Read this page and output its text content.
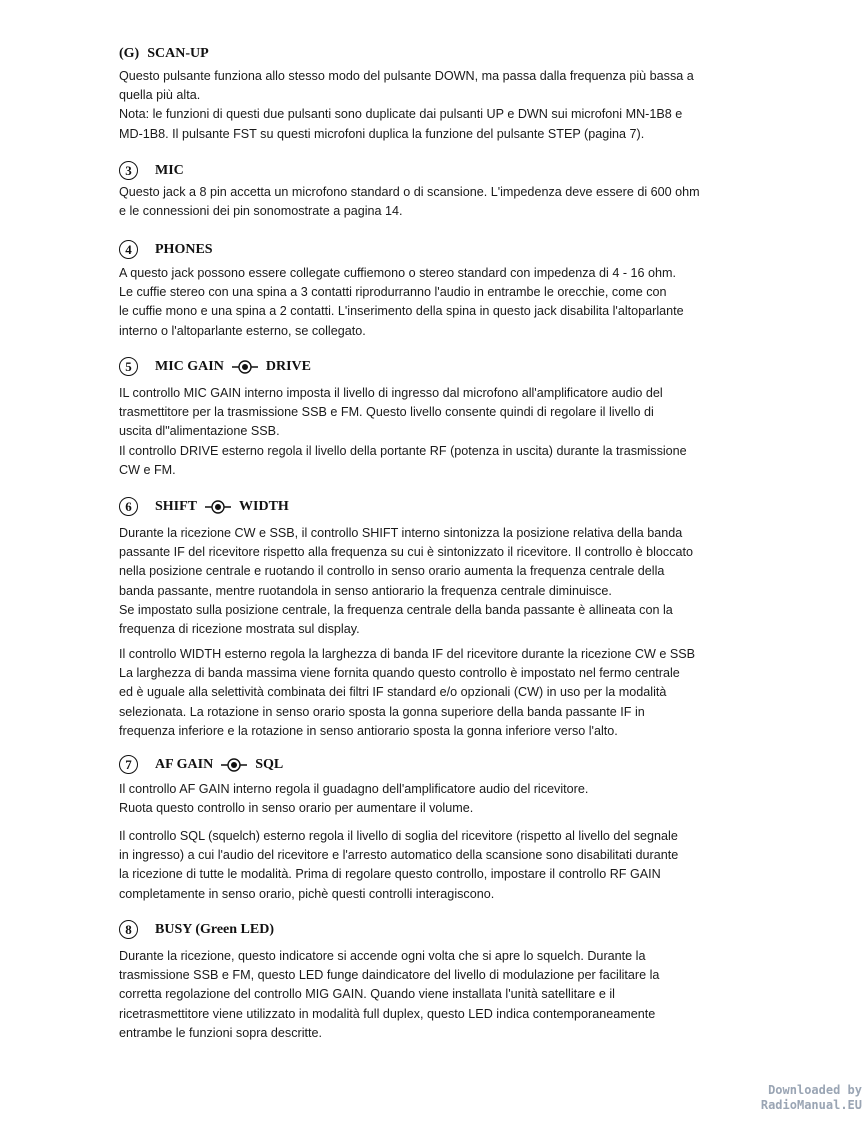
(G) SCAN-UP
Questo pulsante funziona allo stesso modo del pulsante DOWN, ma passa dalla frequenza più bassa a
quella più alta.
Nota: le funzioni di questi due pulsanti sono duplicate dai pulsanti UP e DWN sui microfoni MN-1B8 e
MD-1B8. Il pulsante FST su questi microfoni duplica la funzione del pulsante STEP (pagina 7).
3	MIC
Questo jack a 8 pin accetta un microfono standard o di scansione. L'impedenza deve essere di 600 ohm
e le connessioni dei pin sonomostrate a pagina 14.
4	PHONES
A questo jack possono essere collegate cuffiemono o stereo standard con impedenza di 4 - 16 ohm.
Le cuffie stereo con una spina a 3 contatti riprodurranno l'audio in entrambe le orecchie, come con
le cuffie mono e una spina a 2 contatti. L'inserimento della spina in questo jack disabilita l'altoparlante
interno o l'altoparlante esterno, se collegato.
5	MIC GAIN	DRIVE
IL controllo MIC GAIN interno imposta il livello di ingresso dal microfono all'amplificatore audio del
trasmettitore per la trasmissione SSB e FM. Questo livello consente quindi di regolare il livello di
uscita dl"alimentazione SSB.
Il controllo DRIVE esterno regola il livello della portante RF (potenza in uscita) durante la trasmissione
CW e FM.
6	SHIFT	WIDTH
Durante la ricezione CW e SSB, il controllo SHIFT interno sintonizza la posizione relativa della banda
passante IF del ricevitore rispetto alla frequenza su cui è sintonizzato il ricevitore. Il controllo è bloccato
nella posizione centrale e ruotando il controllo in senso orario aumenta la frequenza centrale della
banda passante, mentre ruotandola in senso antiorario la frequenza centrale diminuisce.
Se impostato sulla posizione centrale, la frequenza centrale della banda passante è allineata con la
frequenza di ricezione mostrata sul display.
Il controllo WIDTH esterno regola la larghezza di banda IF del ricevitore durante la ricezione CW e SSB
La larghezza di banda massima viene fornita quando questo controllo è impostato nel fermo centrale
ed è uguale alla selettività combinata dei filtri IF standard e/o opzionali (CW) in uso per la modalità
selezionata. La rotazione in senso orario sposta la gonna superiore della banda passante IF in
frequenza inferiore e la rotazione in senso antiorario sposta la gonna inferiore verso l'alto.
7	AF GAIN	SQL
Il controllo AF GAIN interno regola il guadagno dell'amplificatore audio del ricevitore.
Ruota questo controllo in senso orario per aumentare il volume.
Il controllo SQL (squelch) esterno regola il livello di soglia del ricevitore (rispetto al livello del segnale
in ingresso) a cui l'audio del ricevitore e l'arresto automatico della scansione sono disabilitati durante
la ricezione di tutte le modalità. Prima di regolare questo controllo, impostare il controllo RF GAIN
completamente in senso orario, pichè questi controlli interagiscono.
8	BUSY (Green LED)
Durante la ricezione, questo indicatore si accende ogni volta che si apre lo squelch. Durante la
trasmissione SSB e FM, questo LED funge daindicatore del livello di modulazione per facilitare la
corretta regolazione del controllo MIG GAIN. Quando viene installata l'unità satellitare e il
ricetrasmettitore viene utilizzato in modalità full duplex, questo LED indica contemporaneamente
entrambe le funzioni sopra descritte.
Downloaded by
RadioManual.EU
